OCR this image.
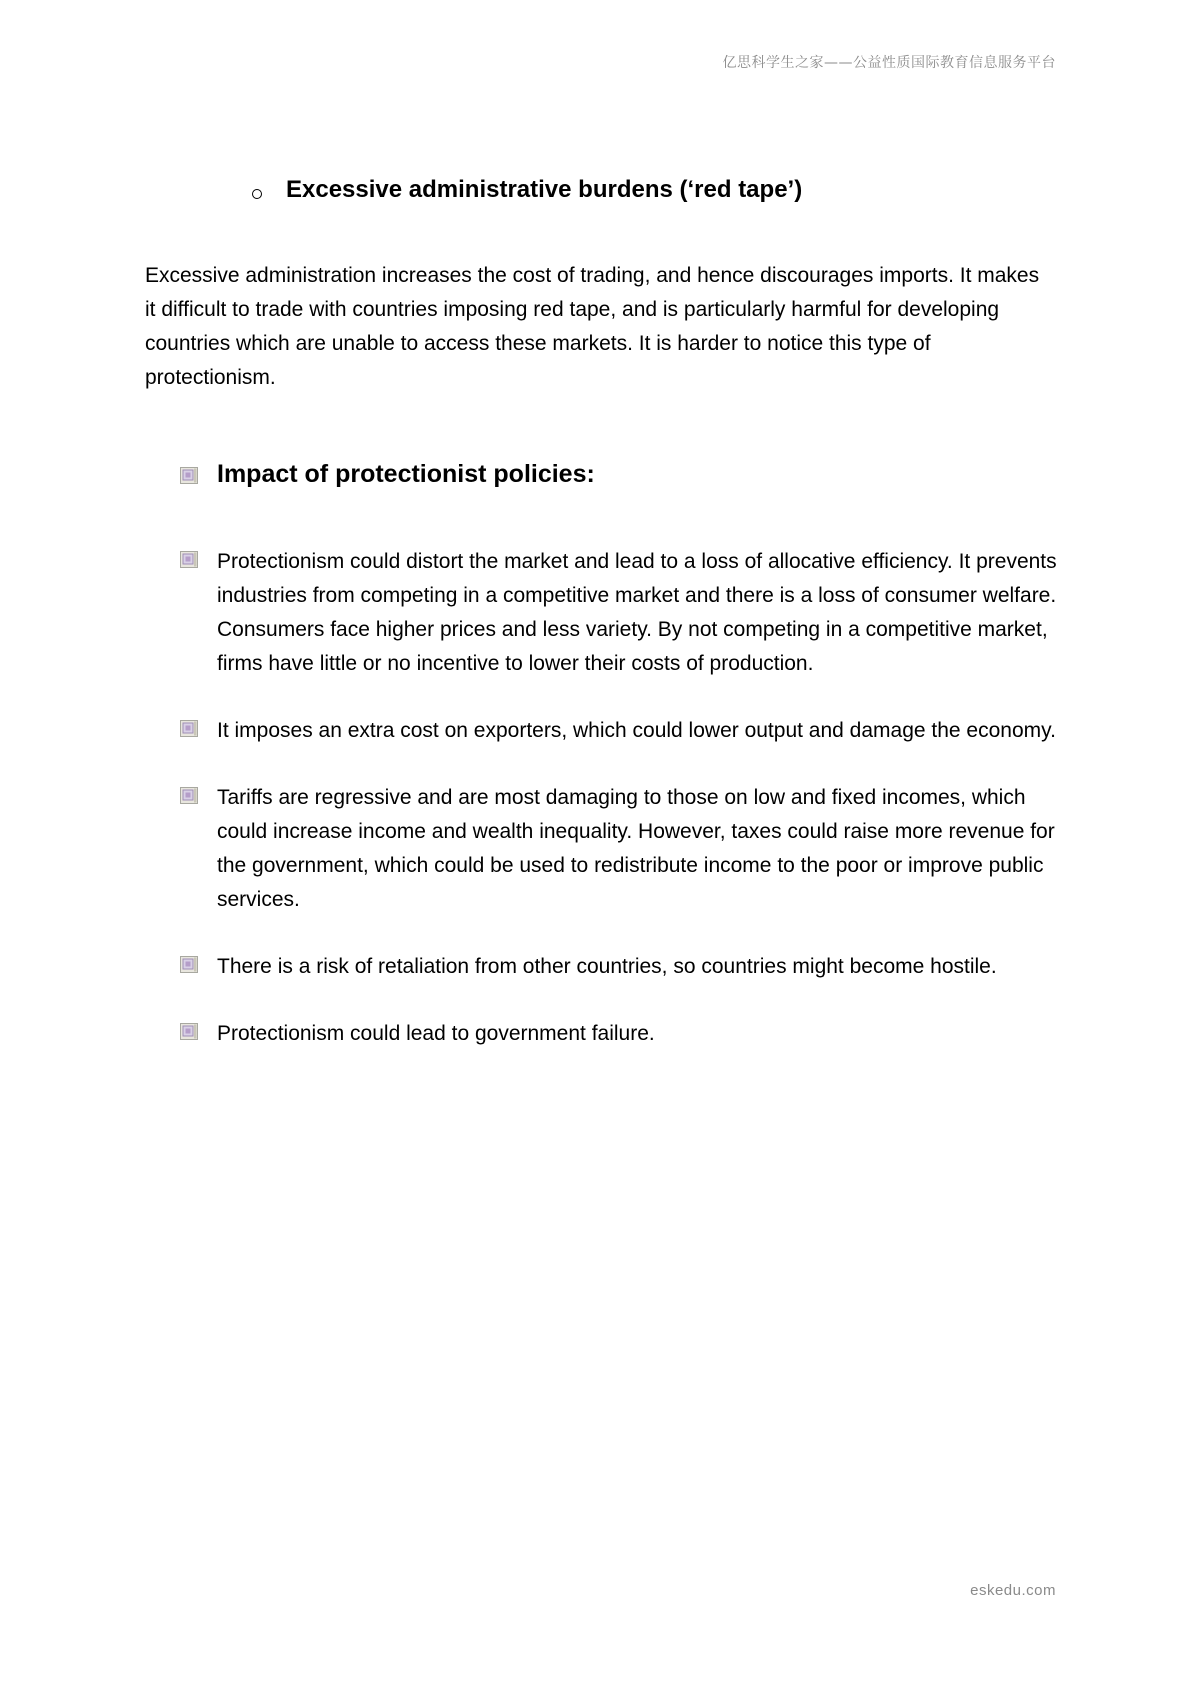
亿思科学生之家——公益性质国际教育信息服务平台
Excessive administrative burdens (‘red tape’)

Excessive administration increases the cost of trading, and hence discourages imports. It makes it difficult to trade with countries imposing red tape, and is particularly harmful for developing countries which are unable to access these markets. It is harder to notice this type of protectionism.

Impact of protectionist policies:
Protectionism could distort the market and lead to a loss of allocative efficiency. It prevents industries from competing in a competitive market and there is a loss of consumer welfare. Consumers face higher prices and less variety. By not competing in a competitive market, firms have little or no incentive to lower their costs of production.
It imposes an extra cost on exporters, which could lower output and damage the economy.
Tariffs are regressive and are most damaging to those on low and fixed incomes, which could increase income and wealth inequality. However, taxes could raise more revenue for the government, which could be used to redistribute income to the poor or improve public services.
There is a risk of retaliation from other countries, so countries might become hostile.
Protectionism could lead to government failure.
eskedu.com
